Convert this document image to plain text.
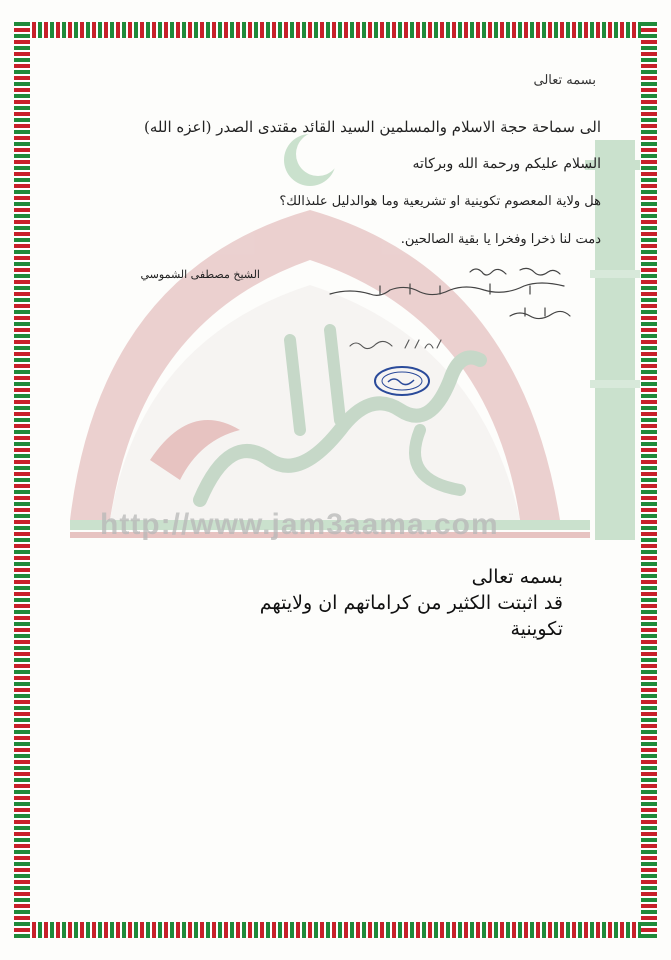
http://www.jam3aama.com
بسمه تعالى
الى سماحة حجة الاسلام والمسلمين السيد القائد مقتدى الصدر (اعزه الله)
السلام عليكم ورحمة الله وبركاته
هل ولاية المعصوم تكوينية او تشريعية وما هوالدليل علىذالك؟
دمت لنا ذخرا وفخرا يا بقية الصالحين.
الشيخ مصطفى الشموسي
بسمه تعالى
قد اثبتت الكثير من كراماتهم ان ولايتهم
تكوينية
